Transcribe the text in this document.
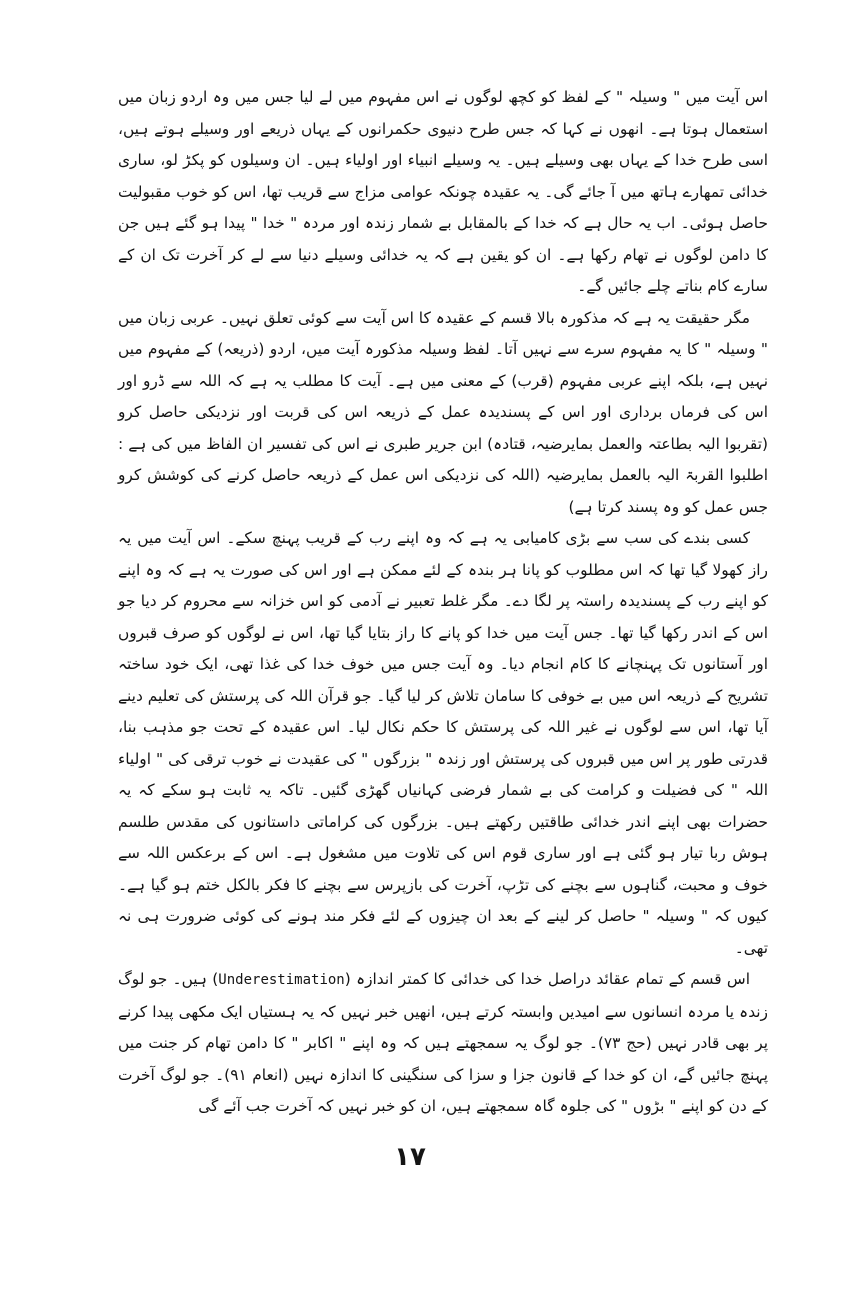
اس آیت میں " وسیلہ " کے لفظ کو کچھ لوگوں نے اس مفہوم میں لے لیا جس میں وہ اردو زبان میں استعمال ہوتا ہے۔ انھوں نے کہا کہ جس طرح دنیوی حکمرانوں کے یہاں ذریعے اور وسیلے ہوتے ہیں، اسی طرح خدا کے یہاں بھی وسیلے ہیں۔ یہ وسیلے انبیاء اور اولیاء ہیں۔ ان وسیلوں کو پکڑ لو، ساری خدائی تمھارے ہاتھ میں آ جائے گی۔ یہ عقیدہ چونکہ عوامی مزاج سے قریب تھا، اس کو خوب مقبولیت حاصل ہوئی۔ اب یہ حال ہے کہ خدا کے بالمقابل بے شمار زندہ اور مردہ " خدا " پیدا ہو گئے ہیں جن کا دامن لوگوں نے تھام رکھا ہے۔ ان کو یقین ہے کہ یہ خدائی وسیلے دنیا سے لے کر آخرت تک ان کے سارے کام بناتے چلے جائیں گے۔

مگر حقیقت یہ ہے کہ مذکورہ بالا قسم کے عقیدہ کا اس آیت سے کوئی تعلق نہیں۔ عربی زبان میں " وسیلہ " کا یہ مفہوم سرے سے نہیں آتا۔ لفظ وسیلہ مذکورہ آیت میں، اردو (ذریعہ) کے مفہوم میں نہیں ہے، بلکہ اپنے عربی مفہوم (قرب) کے معنی میں ہے۔ آیت کا مطلب یہ ہے کہ اللہ سے ڈرو اور اس کی فرماں برداری اور اس کے پسندیدہ عمل کے ذریعہ اس کی قربت اور نزدیکی حاصل کرو (تقربوا الیہ بطاعتہ والعمل بمایرضیہ، قتادہ) ابن جریر طبری نے اس کی تفسیر ان الفاظ میں کی ہے : اطلبوا القربۃ الیہ بالعمل بمایرضیہ (اللہ کی نزدیکی اس عمل کے ذریعہ حاصل کرنے کی کوشش کرو جس عمل کو وہ پسند کرتا ہے)

کسی بندے کی سب سے بڑی کامیابی یہ ہے کہ وہ اپنے رب کے قریب پہنچ سکے۔ اس آیت میں یہ راز کھولا گیا تھا کہ اس مطلوب کو پانا ہر بندہ کے لئے ممکن ہے اور اس کی صورت یہ ہے کہ وہ اپنے کو اپنے رب کے پسندیدہ راستہ پر لگا دے۔ مگر غلط تعبیر نے آدمی کو اس خزانہ سے محروم کر دیا جو اس کے اندر رکھا گیا تھا۔ جس آیت میں خدا کو پانے کا راز بتایا گیا تھا، اس نے لوگوں کو صرف قبروں اور آستانوں تک پہنچانے کا کام انجام دیا۔ وہ آیت جس میں خوف خدا کی غذا تھی، ایک خود ساختہ تشریح کے ذریعہ اس میں بے خوفی کا سامان تلاش کر لیا گیا۔ جو قرآن اللہ کی پرستش کی تعلیم دینے آیا تھا، اس سے لوگوں نے غیر اللہ کی پرستش کا حکم نکال لیا۔ اس عقیدہ کے تحت جو مذہب بنا، قدرتی طور پر اس میں قبروں کی پرستش اور زندہ " بزرگوں " کی عقیدت نے خوب ترقی کی " اولیاء اللہ " کی فضیلت و کرامت کی بے شمار فرضی کہانیاں گھڑی گئیں۔ تاکہ یہ ثابت ہو سکے کہ یہ حضرات بھی اپنے اندر خدائی طاقتیں رکھتے ہیں۔ بزرگوں کی کراماتی داستانوں کی مقدس طلسم ہوش ربا تیار ہو گئی ہے اور ساری قوم اس کی تلاوت میں مشغول ہے۔ اس کے برعکس اللہ سے خوف و محبت، گناہوں سے بچنے کی تڑپ، آخرت کی بازپرس سے بچنے کا فکر بالکل ختم ہو گیا ہے۔ کیوں کہ " وسیلہ " حاصل کر لینے کے بعد ان چیزوں کے لئے فکر مند ہونے کی کوئی ضرورت ہی نہ تھی۔

اس قسم کے تمام عقائد دراصل خدا کی خدائی کا کمتر اندازہ (Underestimation) ہیں۔ جو لوگ زندہ یا مردہ انسانوں سے امیدیں وابستہ کرتے ہیں، انھیں خبر نہیں کہ یہ ہستیاں ایک مکھی پیدا کرنے پر بھی قادر نہیں (حج ۷۳)۔ جو لوگ یہ سمجھتے ہیں کہ وہ اپنے " اکابر " کا دامن تھام کر جنت میں پہنچ جائیں گے، ان کو خدا کے قانون جزا و سزا کی سنگینی کا اندازہ نہیں (انعام ۹۱)۔ جو لوگ آخرت کے دن کو اپنے " بڑوں " کی جلوہ گاہ سمجھتے ہیں، ان کو خبر نہیں کہ آخرت جب آئے گی

۱۷
